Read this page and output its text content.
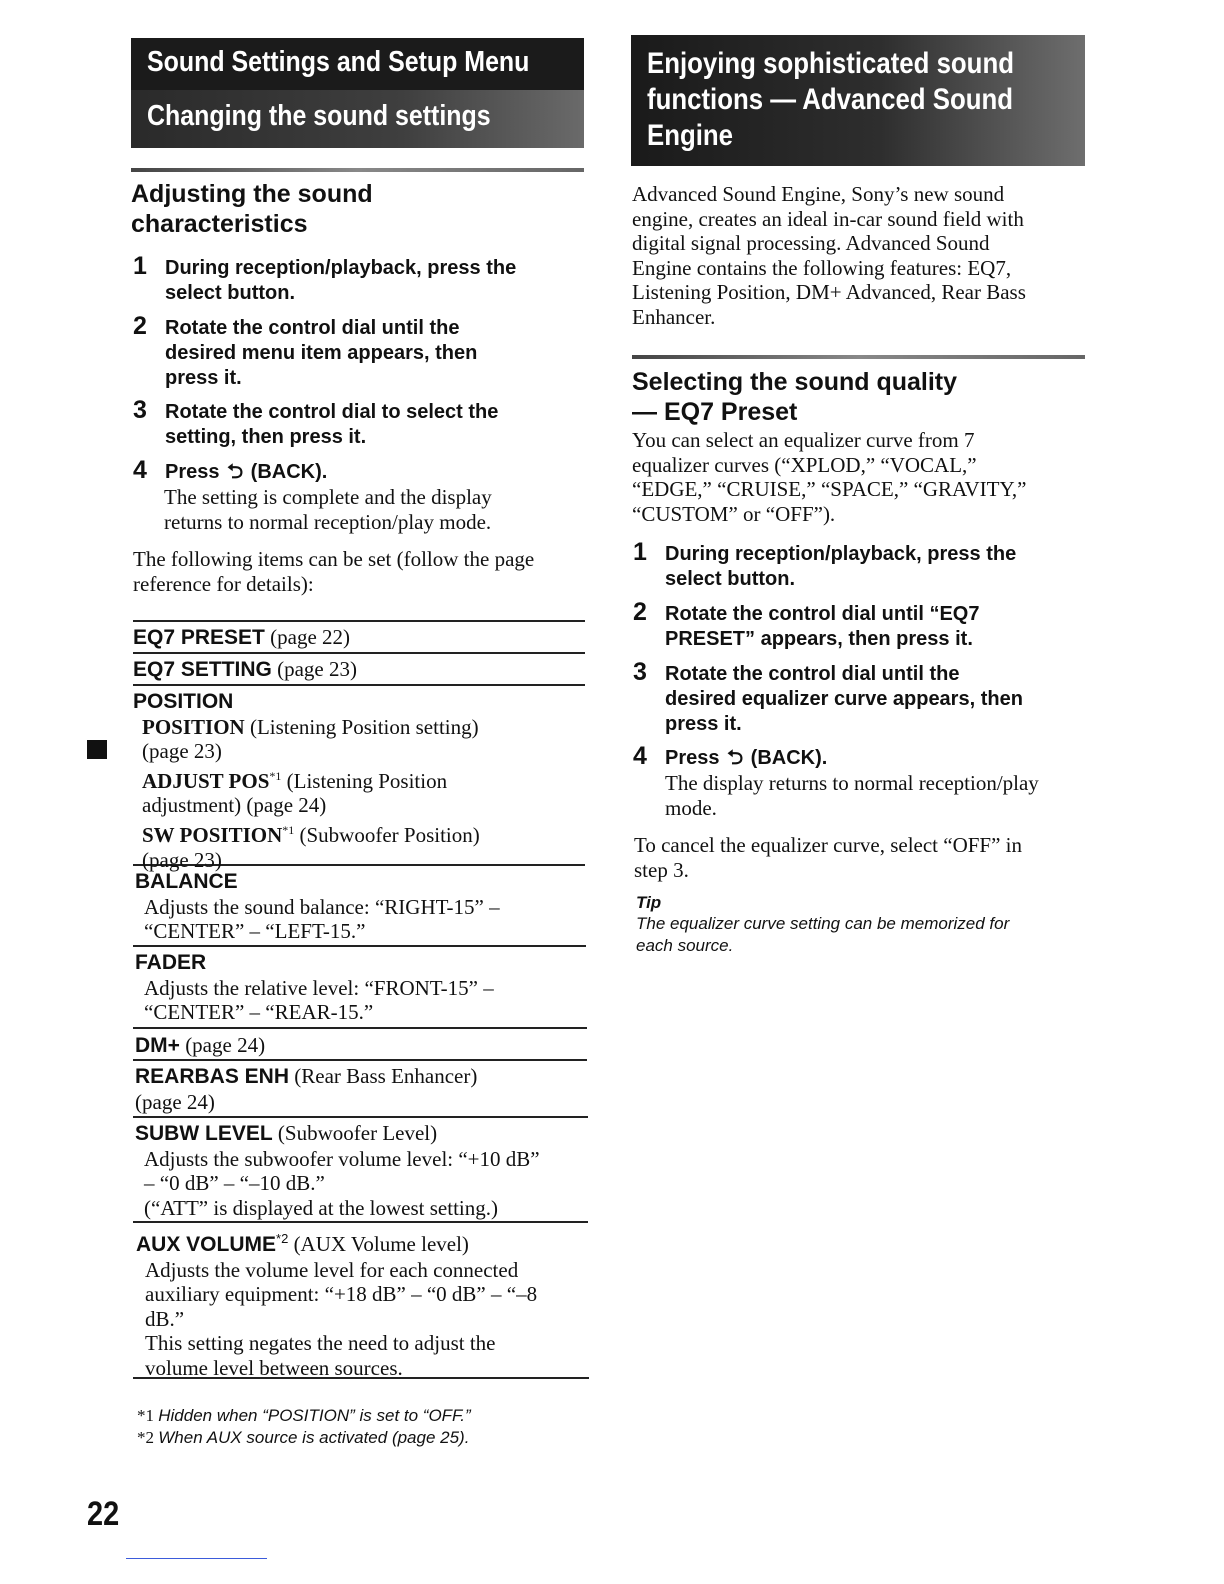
Sound Settings and Setup Menu
Changing the sound settings
Enjoying sophisticated sound
functions — Advanced Sound
Engine
Adjusting the sound
characteristics
1 During reception/playback, press the
select button.
2 Rotate the control dial until the
desired menu item appears, then
press it.
3 Rotate the control dial to select the
setting, then press it.
4 Press ⮌ (BACK).
The setting is complete and the display
returns to normal reception/play mode.
The following items can be set (follow the page
reference for details):
EQ7 PRESET (page 22)
EQ7 SETTING (page 23)
POSITION
POSITION (Listening Position setting)
(page 23)
ADJUST POS$^{*1}$ (Listening Position
adjustment) (page 24)
SW POSITION$^{*1}$ (Subwoofer Position)
(page 23)
BALANCE
Adjusts the sound balance: “RIGHT-15” –
“CENTER” – “LEFT-15.”
FADER
Adjusts the relative level: “FRONT-15” –
“CENTER” – “REAR-15.”
DM+ (page 24)
REARBAS ENH (Rear Bass Enhancer)
(page 24)
SUBW LEVEL (Subwoofer Level)
Adjusts the subwoofer volume level: “+10 dB”
– “0 dB” – “–10 dB.”
(“ATT” is displayed at the lowest setting.)
AUX VOLUME$^{*2}$ (AUX Volume level)
Adjusts the volume level for each connected
auxiliary equipment: “+18 dB” – “0 dB” – “–8
dB.”
This setting negates the need to adjust the
volume level between sources.
*1 Hidden when “POSITION” is set to “OFF.”
*2 When AUX source is activated (page 25).
Advanced Sound Engine, Sony’s new sound
engine, creates an ideal in-car sound field with
digital signal processing. Advanced Sound
Engine contains the following features: EQ7,
Listening Position, DM+ Advanced, Rear Bass
Enhancer.
Selecting the sound quality
— EQ7 Preset
You can select an equalizer curve from 7
equalizer curves (“XPLOD,” “VOCAL,”
“EDGE,” “CRUISE,” “SPACE,” “GRAVITY,”
“CUSTOM” or “OFF”).
1 During reception/playback, press the
select button.
2 Rotate the control dial until “EQ7
PRESET” appears, then press it.
3 Rotate the control dial until the
desired equalizer curve appears, then
press it.
4 Press ⮌ (BACK).
The display returns to normal reception/play
mode.
To cancel the equalizer curve, select “OFF” in
step 3.
Tip
The equalizer curve setting can be memorized for
each source.
22
